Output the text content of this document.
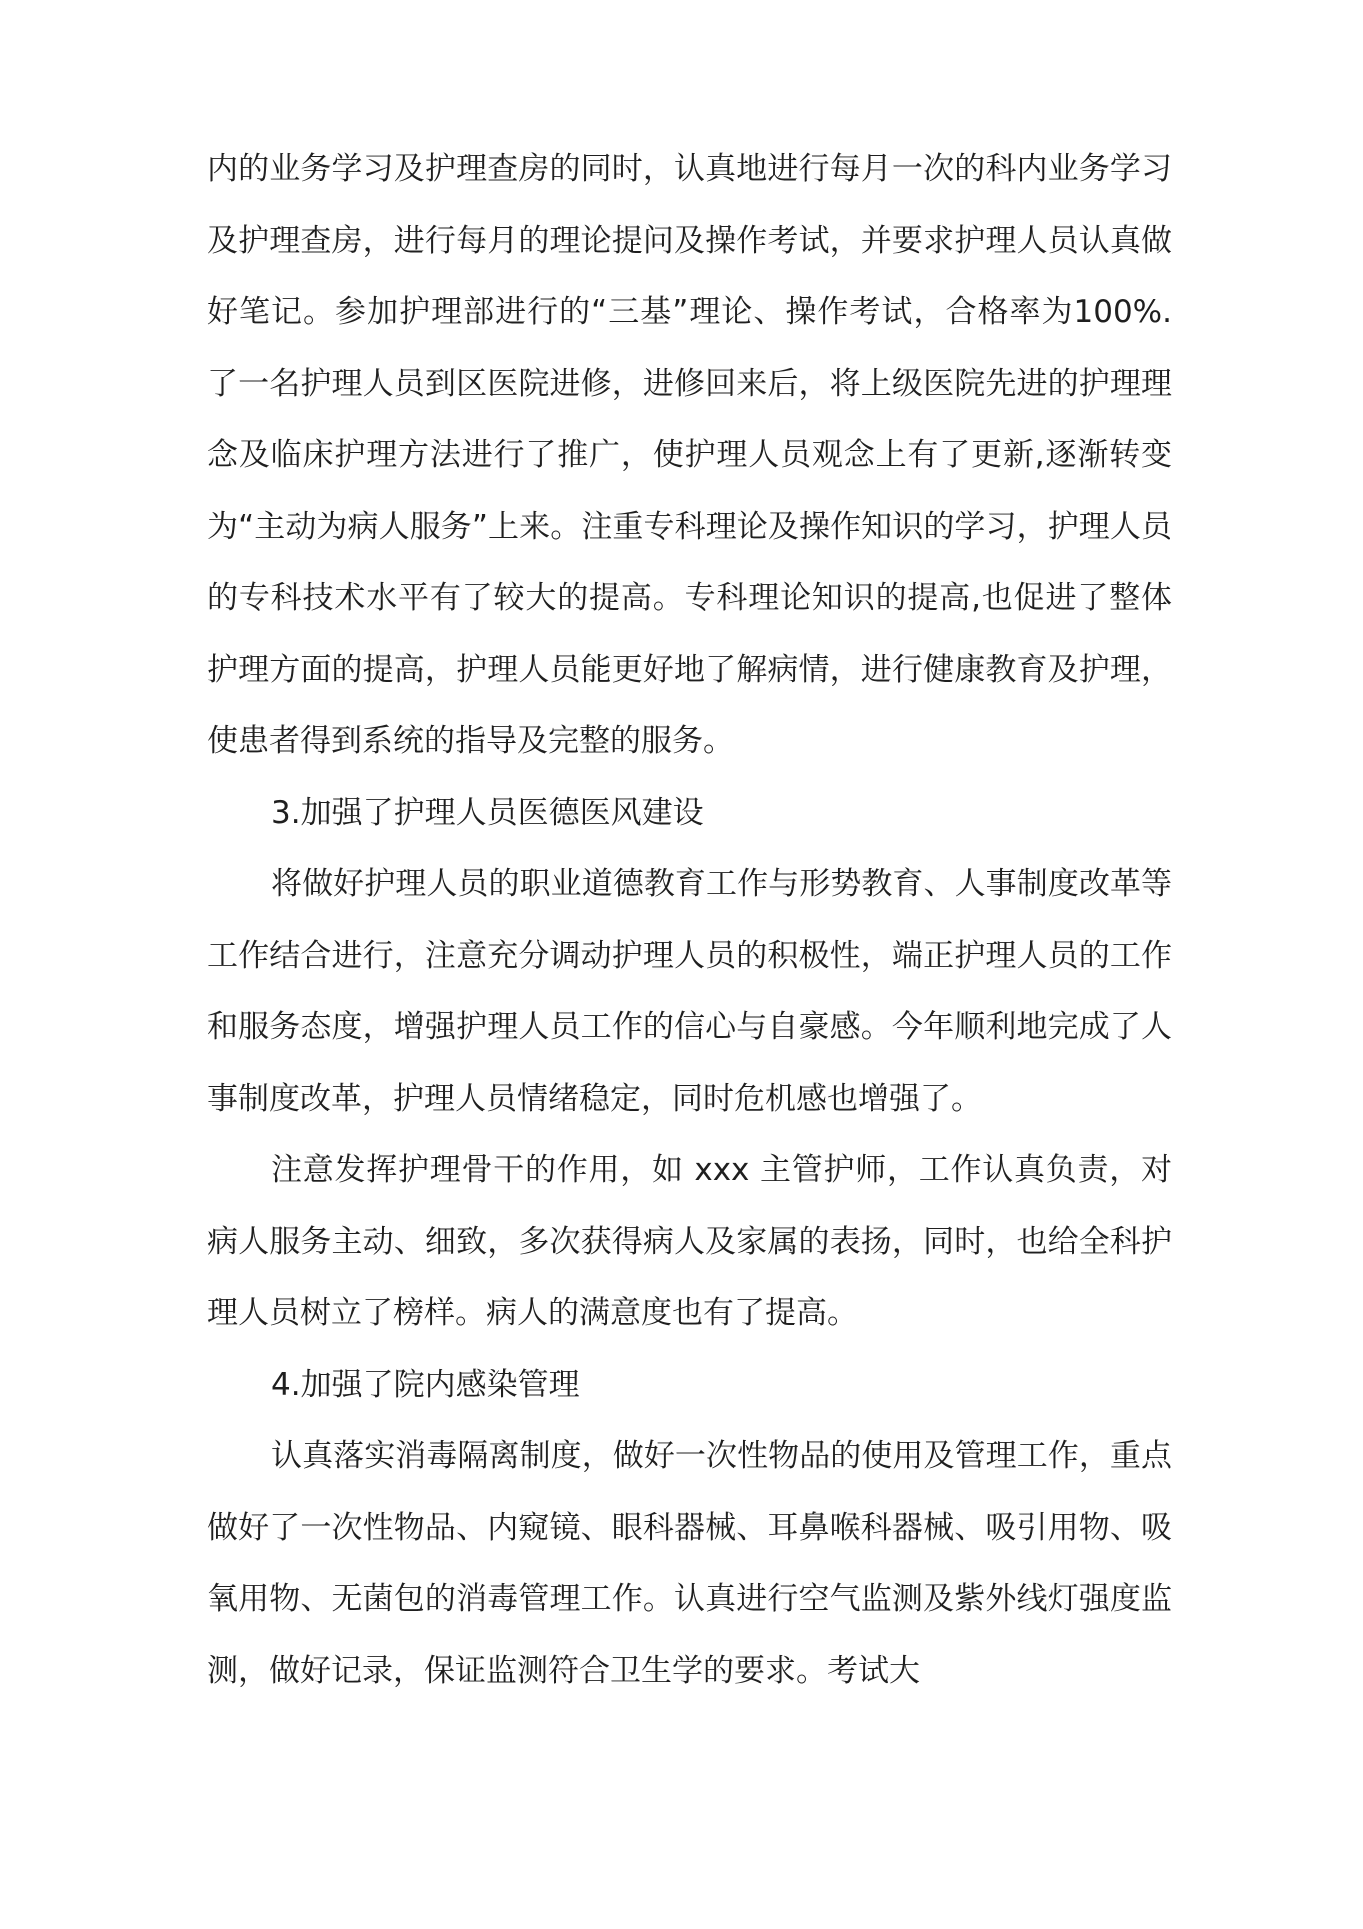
内的业务学习及护理查房的同时，认真地进行每月一次的科内业务学习及护理查房，进行每月的理论提问及操作考试，并要求护理人员认真做好笔记。参加护理部进行的“三基”理论、操作考试，合格率为100%.了一名护理人员到区医院进修，进修回来后，将上级医院先进的护理理念及临床护理方法进行了推广，使护理人员观念上有了更新,逐渐转变为“主动为病人服务”上来。注重专科理论及操作知识的学习，护理人员的专科技术水平有了较大的提高。专科理论知识的提高,也促进了整体护理方面的提高，护理人员能更好地了解病情，进行健康教育及护理，使患者得到系统的指导及完整的服务。

3.加强了护理人员医德医风建设

将做好护理人员的职业道德教育工作与形势教育、人事制度改革等工作结合进行，注意充分调动护理人员的积极性，端正护理人员的工作和服务态度，增强护理人员工作的信心与自豪感。今年顺利地完成了人事制度改革，护理人员情绪稳定，同时危机感也增强了。

注意发挥护理骨干的作用，如 xxx 主管护师，工作认真负责，对病人服务主动、细致，多次获得病人及家属的表扬，同时，也给全科护理人员树立了榜样。病人的满意度也有了提高。

4.加强了院内感染管理

认真落实消毒隔离制度，做好一次性物品的使用及管理工作，重点做好了一次性物品、内窥镜、眼科器械、耳鼻喉科器械、吸引用物、吸氧用物、无菌包的消毒管理工作。认真进行空气监测及紫外线灯强度监测，做好记录，保证监测符合卫生学的要求。考试大
